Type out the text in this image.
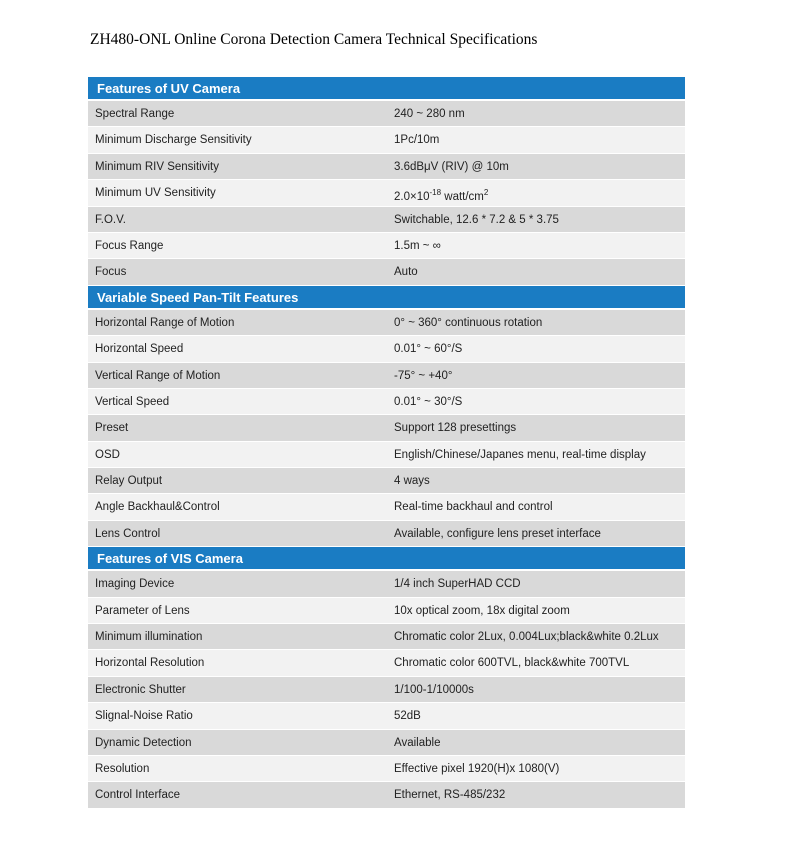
ZH480-ONL Online Corona Detection Camera Technical Specifications
Features of UV Camera
Spectral Range	240 ~ 280 nm
Minimum Discharge Sensitivity	1Pc/10m
Minimum RIV Sensitivity	3.6dBμV (RIV) @ 10m
Minimum UV Sensitivity	$2.0\times 10^{-18}$ watt/$cm^2$
F.O.V.	Switchable, 12.6 * 7.2 & 5 * 3.75
Focus Range	1.5m ~ ∞
Focus	Auto
Variable Speed Pan-Tilt Features
Horizontal Range of Motion	0° ~ 360° continuous rotation
Horizontal Speed	0.01° ~ 60°/S
Vertical Range of Motion	-75° ~ +40°
Vertical Speed	0.01° ~ 30°/S
Preset	Support 128 presettings
OSD	English/Chinese/Japanes menu, real-time display
Relay Output	4 ways
Angle Backhaul&Control	Real-time backhaul and control
Lens Control	Available, configure lens preset interface
Features of VIS Camera
Imaging Device	1/4 inch SuperHAD CCD
Parameter of Lens	10x optical zoom, 18x digital zoom
Minimum illumination	Chromatic color 2Lux, 0.004Lux;black&white 0.2Lux
Horizontal Resolution	Chromatic color 600TVL, black&white 700TVL
Electronic Shutter	1/100-1/10000s
Slignal-Noise Ratio	52dB
Dynamic Detection	Available
Resolution	Effective pixel 1920(H)x 1080(V)
Control Interface	Ethernet, RS-485/232
